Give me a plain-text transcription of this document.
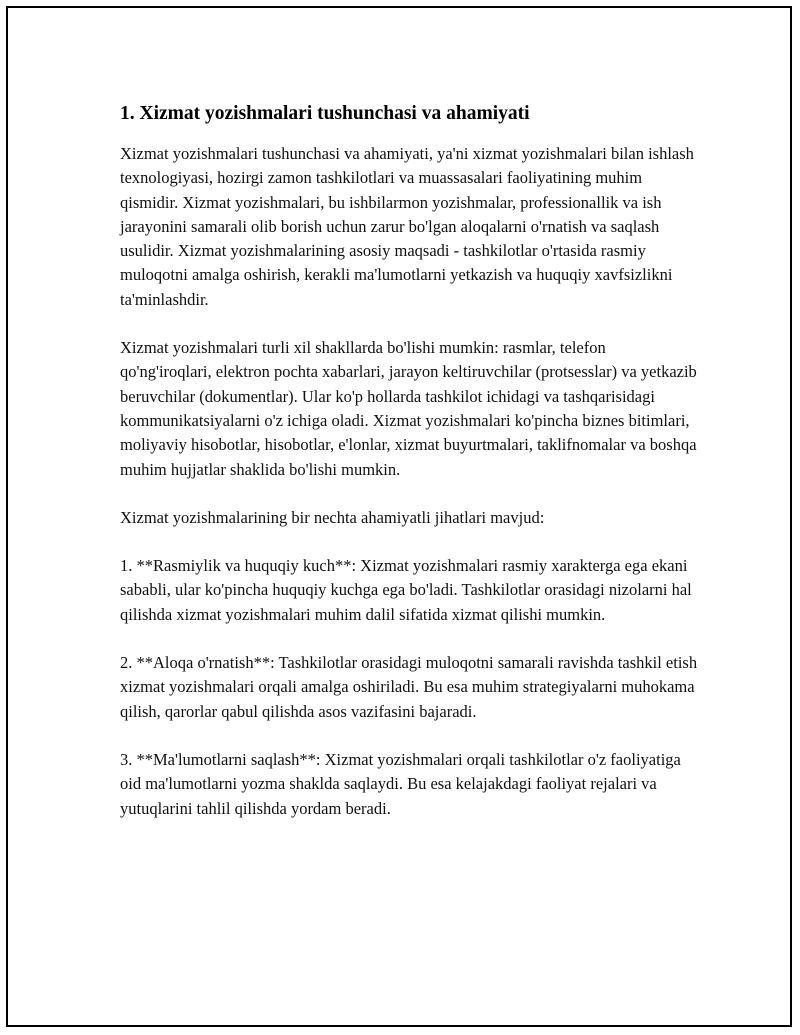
1. Xizmat yozishmalari tushunchasi va ahamiyati

Xizmat yozishmalari tushunchasi va ahamiyati, ya'ni xizmat yozishmalari bilan ishlash texnologiyasi, hozirgi zamon tashkilotlari va muassasalari faoliyatining muhim qismidir. Xizmat yozishmalari, bu ishbilarmon yozishmalar, professionallik va ish jarayonini samarali olib borish uchun zarur bo'lgan aloqalarni o'rnatish va saqlash usulidir. Xizmat yozishmalarining asosiy maqsadi - tashkilotlar o'rtasida rasmiy muloqotni amalga oshirish, kerakli ma'lumotlarni yetkazish va huquqiy xavfsizlikni ta'minlashdir.

Xizmat yozishmalari turli xil shakllarda bo'lishi mumkin: rasmlar, telefon qo'ng'iroqlari, elektron pochta xabarlari, jarayon keltiruvchilar (protsesslar) va yetkazib beruvchilar (dokumentlar). Ular ko'p hollarda tashkilot ichidagi va tashqarisidagi kommunikatsiyalarni o'z ichiga oladi. Xizmat yozishmalari ko'pincha biznes bitimlari, moliyaviy hisobotlar, hisobotlar, e'lonlar, xizmat buyurtmalari, taklifnomalar va boshqa muhim hujjatlar shaklida bo'lishi mumkin.

Xizmat yozishmalarining bir nechta ahamiyatli jihatlari mavjud:

1. **Rasmiylik va huquqiy kuch**: Xizmat yozishmalari rasmiy xarakterga ega ekani sababli, ular ko'pincha huquqiy kuchga ega bo'ladi. Tashkilotlar orasidagi nizolarni hal qilishda xizmat yozishmalari muhim dalil sifatida xizmat qilishi mumkin.

2. **Aloqa o'rnatish**: Tashkilotlar orasidagi muloqotni samarali ravishda tashkil etish xizmat yozishmalari orqali amalga oshiriladi. Bu esa muhim strategiyalarni muhokama qilish, qarorlar qabul qilishda asos vazifasini bajaradi.

3. **Ma'lumotlarni saqlash**: Xizmat yozishmalari orqali tashkilotlar o'z faoliyatiga oid ma'lumotlarni yozma shaklda saqlaydi. Bu esa kelajakdagi faoliyat rejalari va yutuqlarini tahlil qilishda yordam beradi.
